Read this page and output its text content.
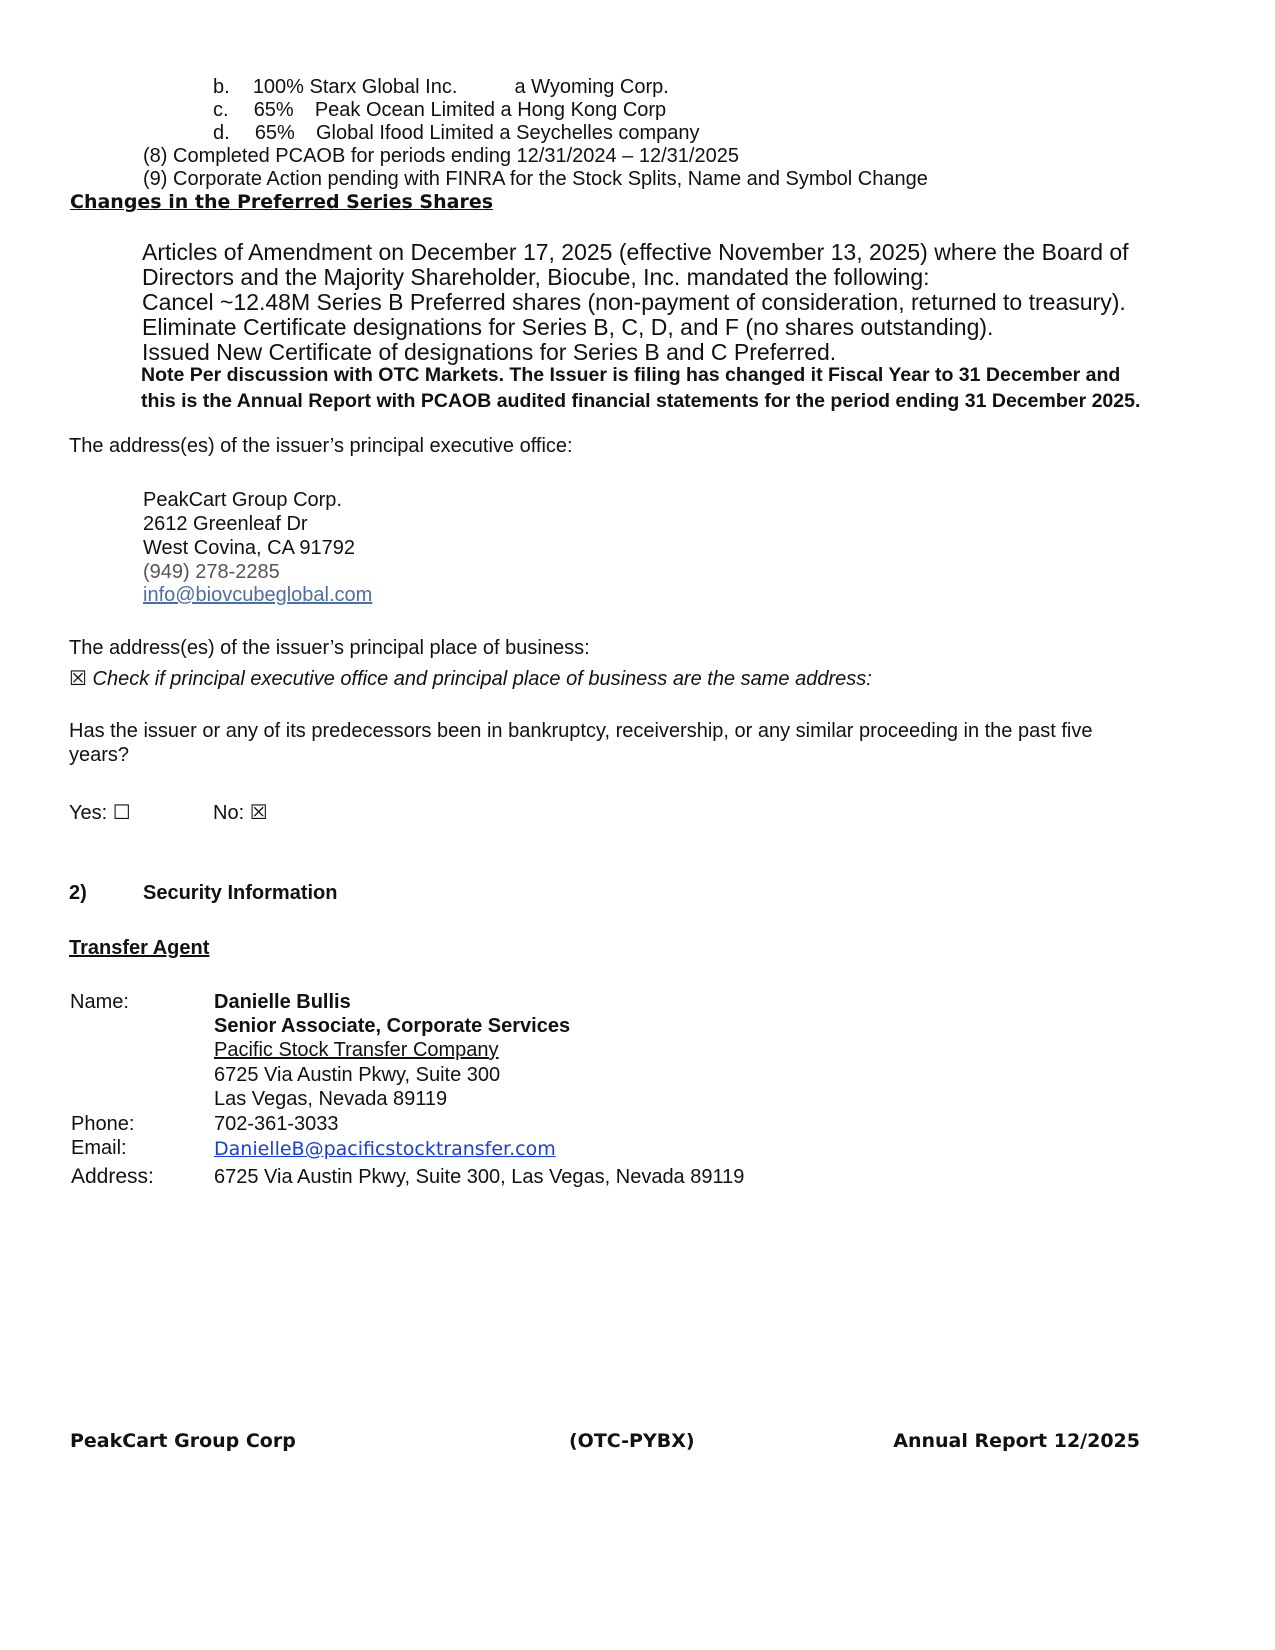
b. 100% Starx Global Inc.	a Wyoming Corp.
c. 65% Peak Ocean Limited a Hong Kong Corp
d. 65% Global Ifood Limited a Seychelles company
(8) Completed PCAOB for periods ending 12/31/2024 – 12/31/2025
(9) Corporate Action pending with FINRA for the Stock Splits, Name and Symbol Change
Changes in the Preferred Series Shares
Articles of Amendment on December 17, 2025 (effective November 13, 2025) where the Board of
Directors and the Majority Shareholder, Biocube, Inc. mandated the following:
Cancel ~12.48M Series B Preferred shares (non-payment of consideration, returned to treasury).
Eliminate Certificate designations for Series B, C, D, and F (no shares outstanding).
Issued New Certificate of designations for Series B and C Preferred.
Note Per discussion with OTC Markets. The Issuer is filing has changed it Fiscal Year to 31 December and
this is the Annual Report with PCAOB audited financial statements for the period ending 31 December 2025.
The address(es) of the issuer’s principal executive office:
PeakCart Group Corp.
2612 Greenleaf Dr
West Covina, CA 91792
(949) 278-2285
info@biovcubeglobal.com
The address(es) of the issuer’s principal place of business:
☒ Check if principal executive office and principal place of business are the same address:
Has the issuer or any of its predecessors been in bankruptcy, receivership, or any similar proceeding in the past five
years?
Yes: ☐	No: ☒
2)	Security Information
Transfer Agent
Name:	Danielle Bullis
Senior Associate, Corporate Services
Pacific Stock Transfer Company
6725 Via Austin Pkwy, Suite 300
Las Vegas, Nevada 89119
Phone:	702-361-3033
Email:	DanielleB@pacificstocktransfer.com
Address:	6725 Via Austin Pkwy, Suite 300, Las Vegas, Nevada 89119
PeakCart Group Corp	(OTC-PYBX)	Annual Report 12/2025
